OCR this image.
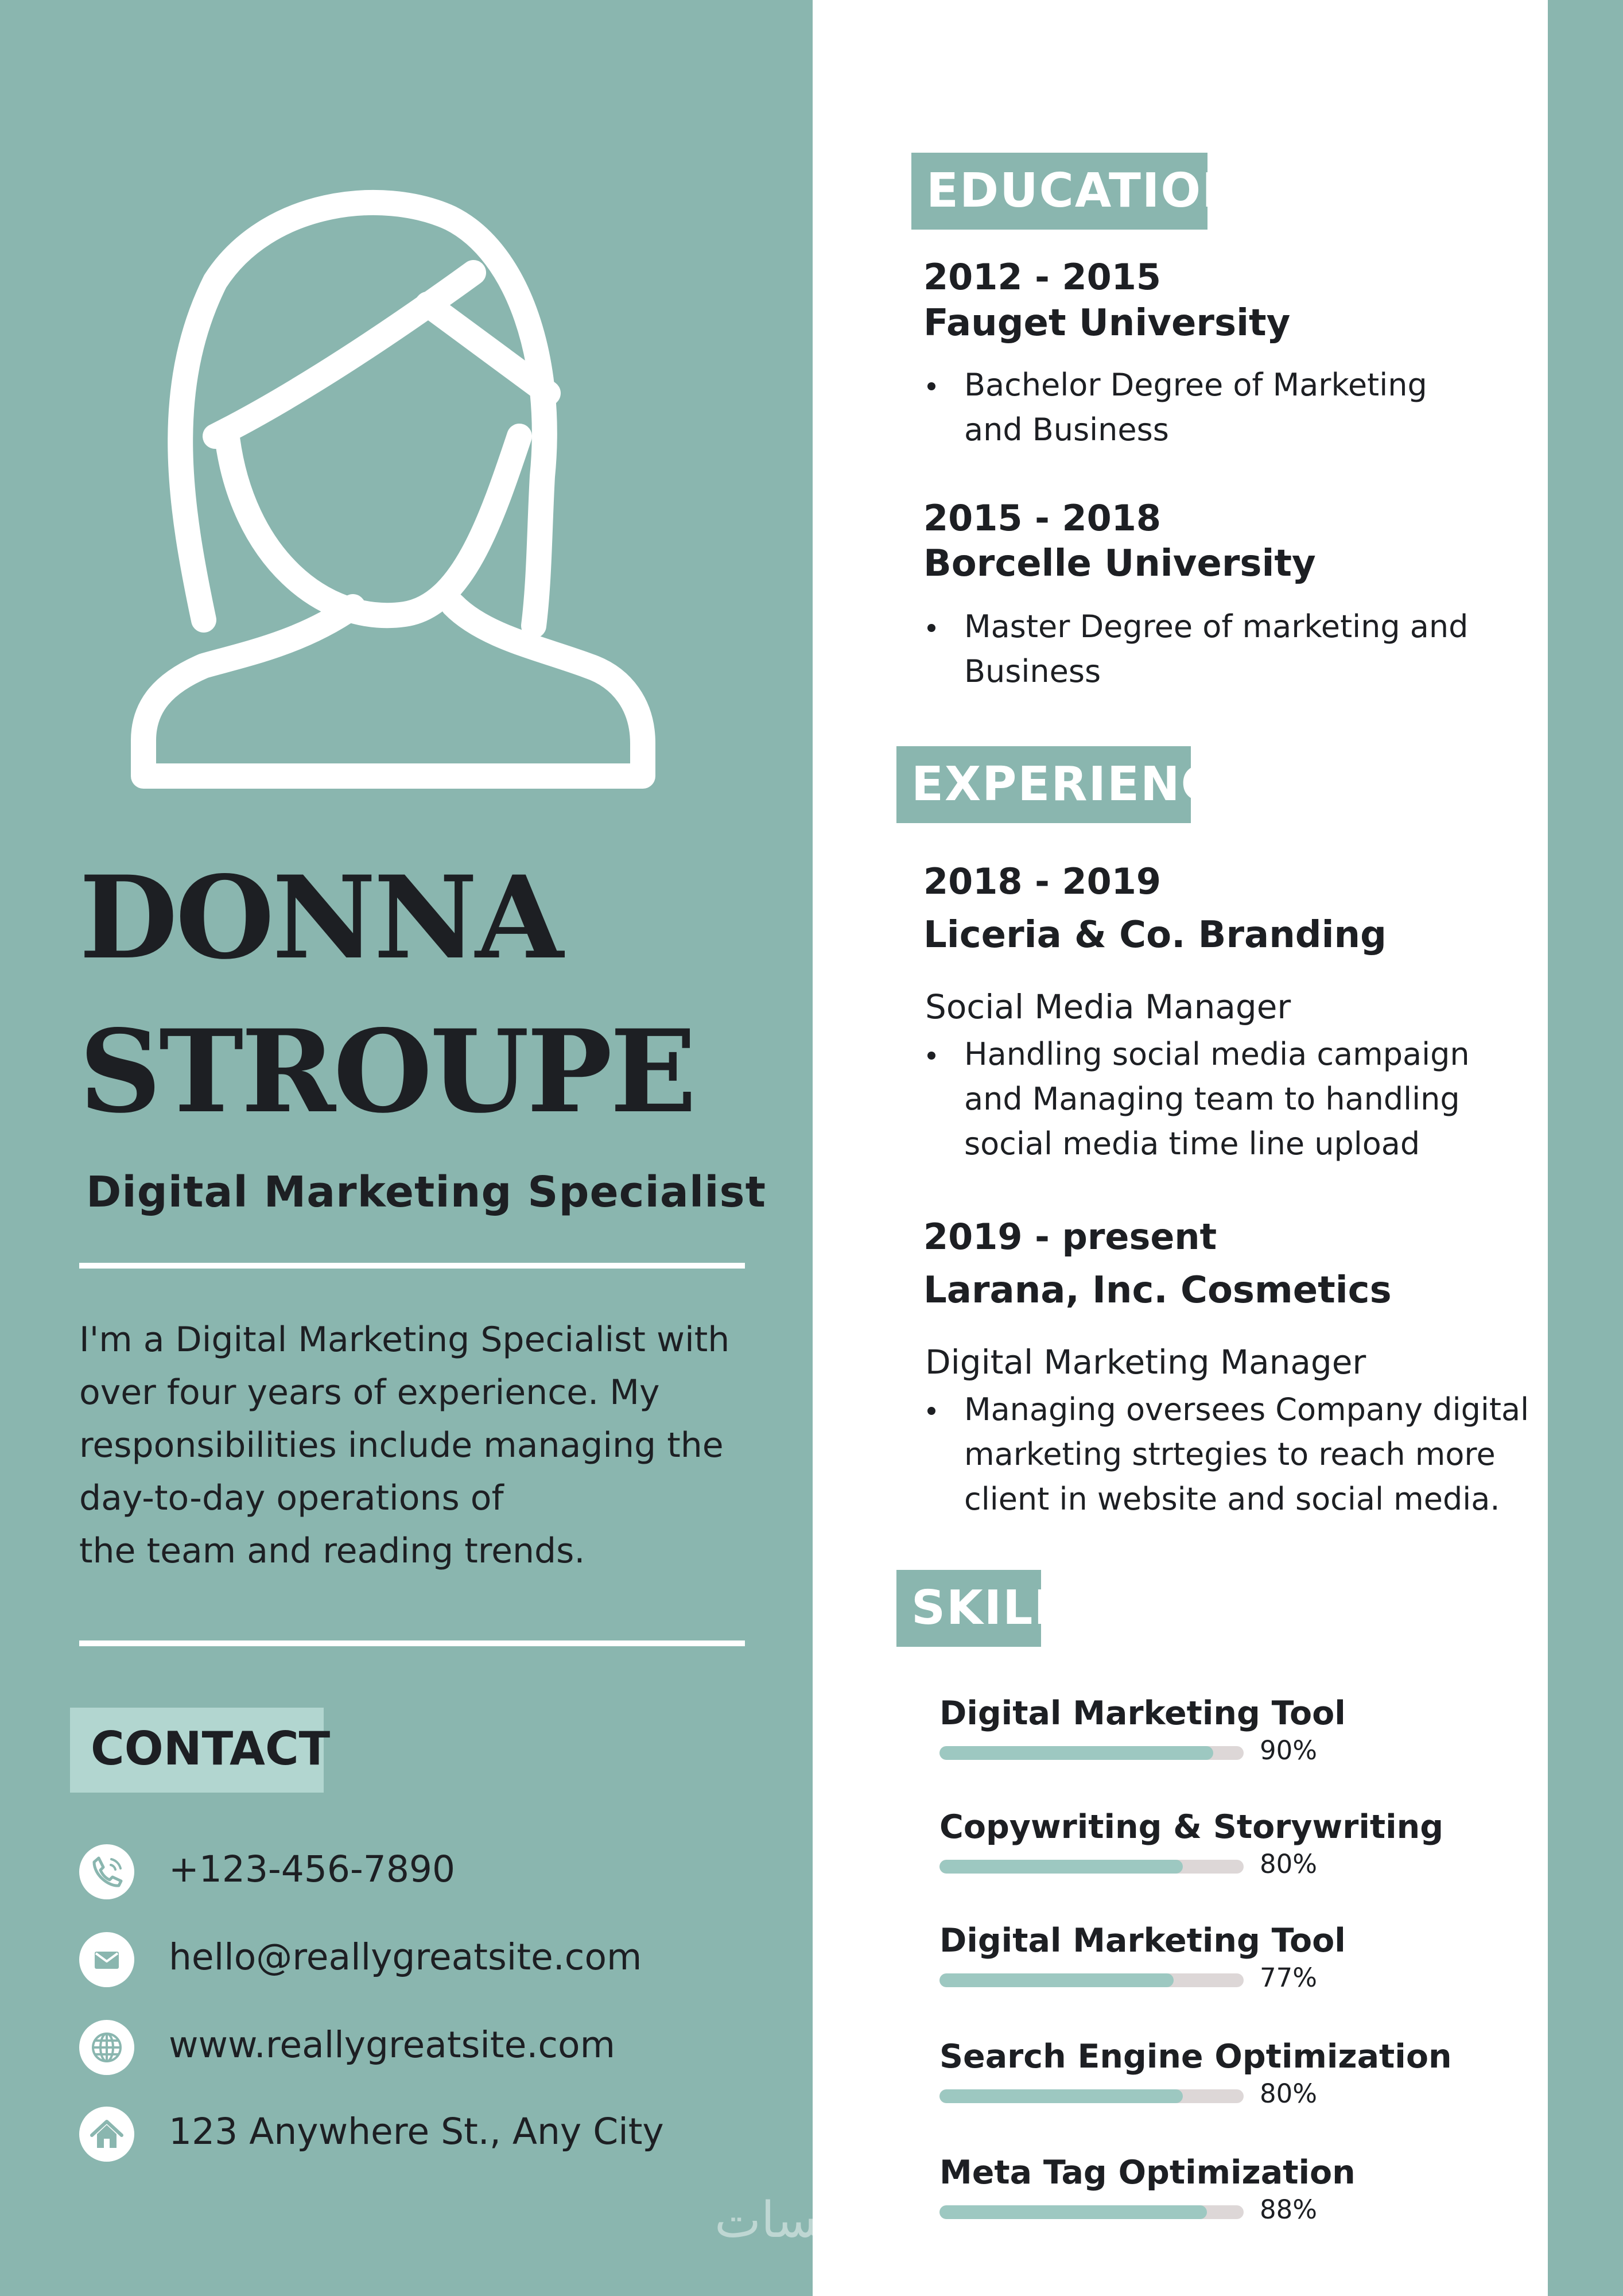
DONNA
STROUPE

Digital Marketing Specialist

I'm a Digital Marketing Specialist with
over four years of experience. My
responsibilities include managing the
day-to-day operations of
the team and reading trends.

CONTACT
+123-456-7890
hello@reallygreatsite.com
www.reallygreatsite.com
123 Anywhere St., Any City
EDUCATION

2012 - 2015

Fauget University

Bachelor Degree of Marketing
and Business

2015 - 2018

Borcelle University

Master Degree of marketing and
Business
EXPERIENCE

2018 - 2019

Liceria & Co. Branding

Social Media Manager

Handling social media campaign
and Managing team to handling
social media time line upload

2019 - present

Larana, Inc. Cosmetics

Digital Marketing Manager

Managing oversees Company digital
marketing strtegies to reach more
client in website and social media.
SKILL
Digital Marketing Tool
90%
Copywriting & Storywriting
80%
Digital Marketing Tool
77%
Search Engine Optimization
80%
Meta Tag Optimization
88%
خمسات
